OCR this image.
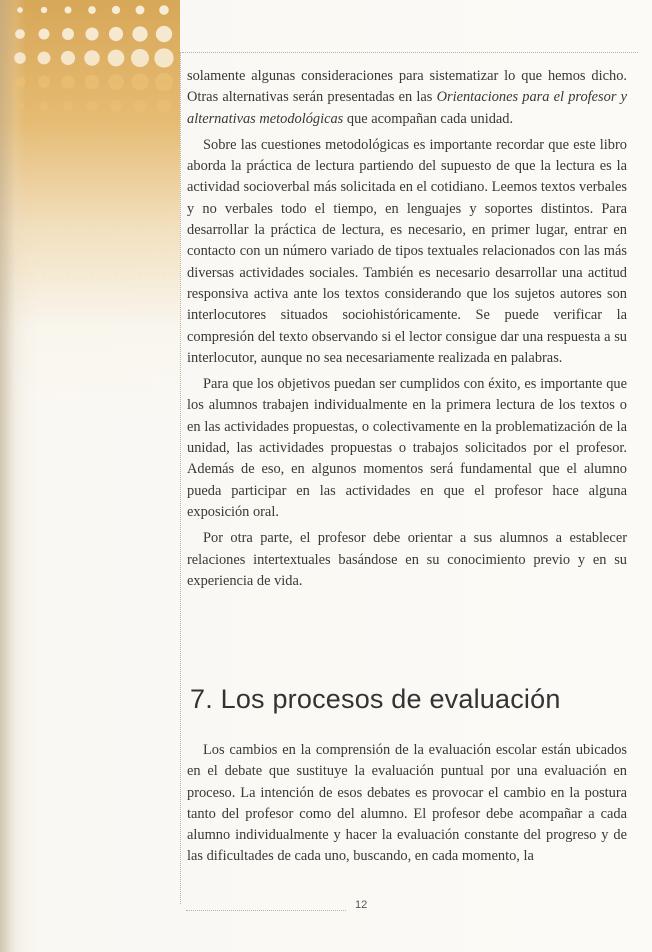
solamente algunas consideraciones para sistematizar lo que hemos dicho. Otras alternativas serán presentadas en las Orientaciones para el profesor y alternativas metodológicas que acompañan cada unidad.

Sobre las cuestiones metodológicas es importante recordar que este libro aborda la práctica de lectura partiendo del supuesto de que la lectura es la actividad socioverbal más solicitada en el cotidiano. Leemos textos verbales y no verbales todo el tiempo, en lenguajes y soportes distintos. Para desarrollar la práctica de lectura, es necesario, en primer lugar, entrar en contacto con un número variado de tipos textuales relacionados con las más diversas actividades sociales. También es necesario desarrollar una actitud responsiva activa ante los textos considerando que los sujetos autores son interlocutores situados sociohistóricamente. Se puede verificar la compresión del texto observando si el lector consigue dar una respuesta a su interlocutor, aunque no sea necesariamente realizada en palabras.

Para que los objetivos puedan ser cumplidos con éxito, es importante que los alumnos trabajen individualmente en la primera lectura de los textos o en las actividades propuestas, o colectivamente en la problematización de la unidad, las actividades propuestas o trabajos solicitados por el profesor. Además de eso, en algunos momentos será fundamental que el alumno pueda participar en las actividades en que el profesor hace alguna exposición oral.

Por otra parte, el profesor debe orientar a sus alumnos a establecer relaciones intertextuales basándose en su conocimiento previo y en su experiencia de vida.

7. Los procesos de evaluación

Los cambios en la comprensión de la evaluación escolar están ubicados en el debate que sustituye la evaluación puntual por una evaluación en proceso. La intención de esos debates es provocar el cambio en la postura tanto del profesor como del alumno. El profesor debe acompañar a cada alumno individualmente y hacer la evaluación constante del progreso y de las dificultades de cada uno, buscando, en cada momento, la

12
